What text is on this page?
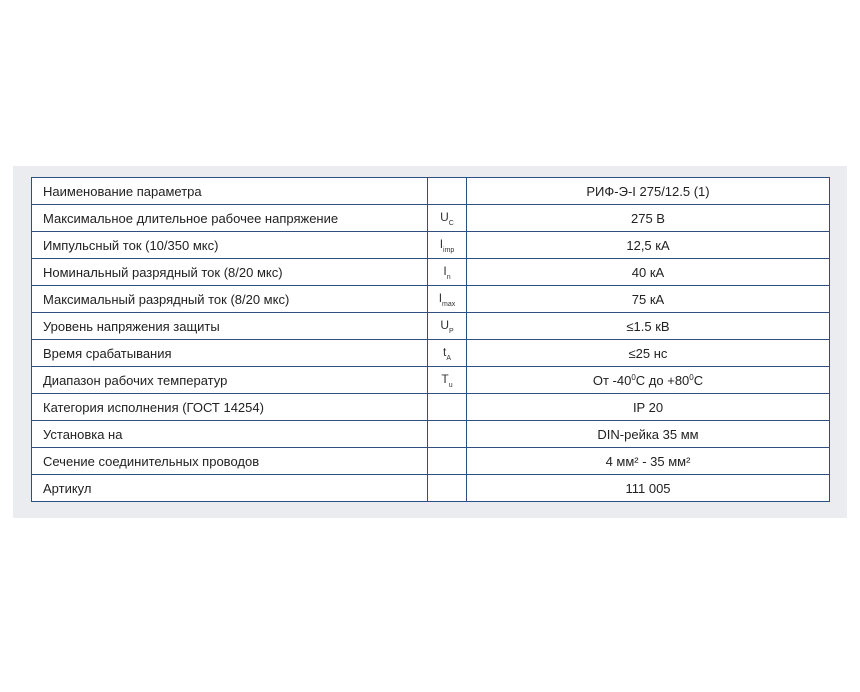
Наименование параметра		РИФ-Э-I 275/12.5 (1)
Максимальное длительное рабочее напряжение	$U_C$	275 В
Импульсный ток (10/350 мкс)	$I_{imp}$	12,5 кА
Номинальный разрядный ток (8/20 мкс)	$I_n$	40 кА
Максимальный разрядный ток (8/20 мкс)	$I_{max}$	75 кА
Уровень напряжения защиты	$U_P$	≤1.5 кВ
Время срабатывания	$t_A$	≤25 нс
Диапазон рабочих температур	$T_u$	От $-40^0С$ до $+80^0С$
Категория исполнения (ГОСТ 14254)		IP 20
Установка на		DIN-рейка 35 мм
Сечение соединительных проводов		4 мм² - 35 мм²
Артикул		111 005
